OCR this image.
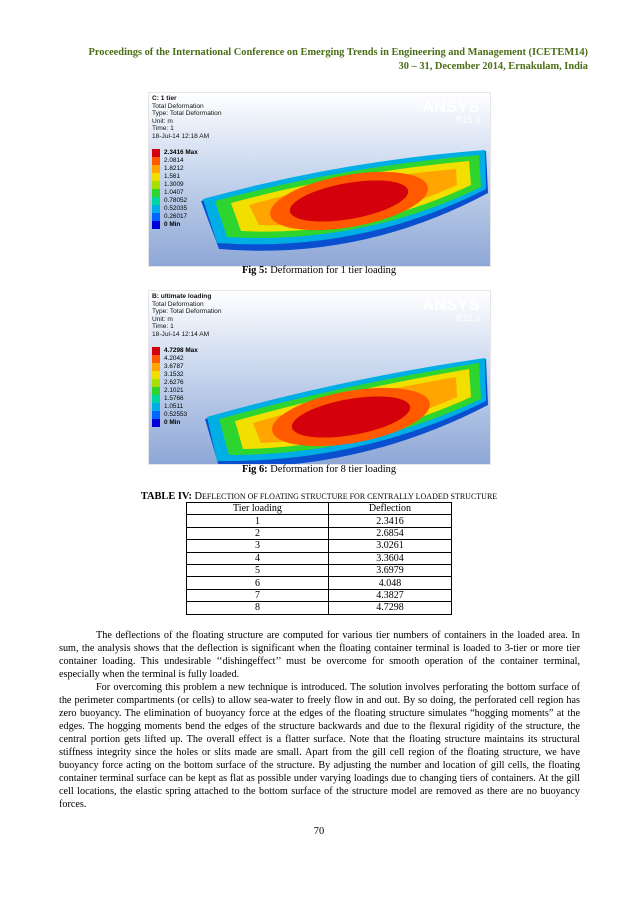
Proceedings of the International Conference on Emerging Trends in Engineering and Management (ICETEM14)
30 – 31, December 2014, Ernakulam, India
C: 1 tier
Total Deformation
Type: Total Deformation
Unit: m
Time: 1
18-Jul-14 12:18 AM
ANSYS
R15.0
2.3416 Max
2.0814
1.8212
1.561
1.3009
1.0407
0.78052
0.52035
0.26017
0 Min
Fig 5: Deformation for 1 tier loading
B: ultimate loading
Total Deformation
Type: Total Deformation
Unit: m
Time: 1
18-Jul-14 12:14 AM
ANSYS
R15.0
4.7298 Max
4.2042
3.6787
3.1532
2.6276
2.1021
1.5766
1.0511
0.52553
0 Min
Fig 6: Deformation for 8 tier loading
TABLE IV: DEFLECTION OF FLOATING STRUCTURE FOR CENTRALLY LOADED STRUCTURE
Tier loading	Deflection
1	2.3416
2	2.6854
3	3.0261
4	3.3604
5	3.6979
6	4.048
7	4.3827
8	4.7298

The deflections of the floating structure are computed for various tier numbers of containers in the loaded area. In sum, the analysis shows that the deflection is significant when the floating container terminal is loaded to 3-tier or more tier container loading. This undesirable ‘‘dishingeffect’’ must be overcome for smooth operation of the container terminal, especially when the terminal is fully loaded.

For overcoming this problem a new technique is introduced. The solution involves perforating the bottom surface of the perimeter compartments (or cells) to allow sea-water to freely flow in and out. By so doing, the perforated cell region has zero buoyancy. The elimination of buoyancy force at the edges of the floating structure simulates “hogging moments” at the edges. The hogging moments bend the edges of the structure backwards and due to the flexural rigidity of the structure, the central portion gets lifted up. The overall effect is a flatter surface. Note that the floating structure maintains its structural stiffness integrity since the holes or slits made are small. Apart from the gill cell region of the floating structure, we have buoyancy force acting on the bottom surface of the structure. By adjusting the number and location of gill cells, the floating container terminal surface can be kept as flat as possible under varying loadings due to changing tiers of containers. At the gill cell locations, the elastic spring attached to the bottom surface of the structure model are removed as there are no buoyancy forces.

70
